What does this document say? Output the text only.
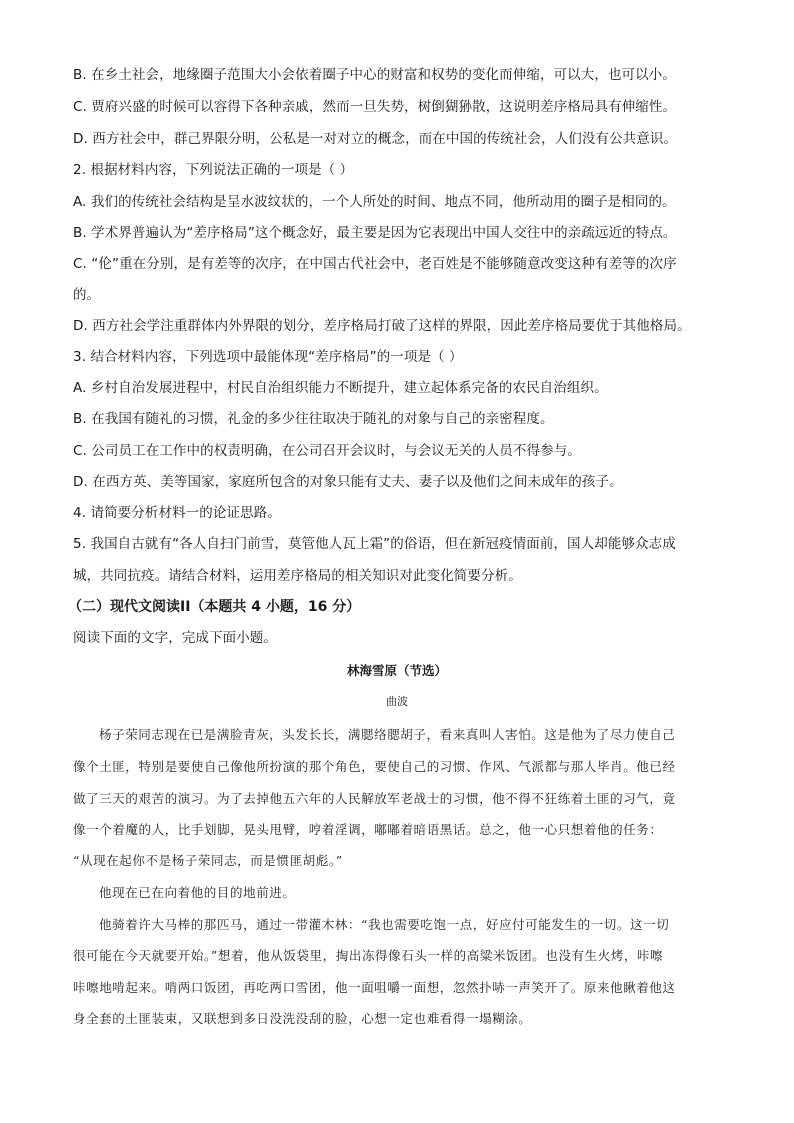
B. 在乡土社会，地缘圈子范围大小会依着圈子中心的财富和权势的变化而伸缩，可以大，也可以小。
C. 贾府兴盛的时候可以容得下各种亲戚，然而一旦失势，树倒猢狲散，这说明差序格局具有伸缩性。
D. 西方社会中，群己界限分明，公私是一对对立的概念，而在中国的传统社会，人们没有公共意识。
2. 根据材料内容，下列说法正确的一项是（ ）
A. 我们的传统社会结构是呈水波纹状的，一个人所处的时间、地点不同，他所动用的圈子是相同的。
B. 学术界普遍认为“差序格局”这个概念好，最主要是因为它表现出中国人交往中的亲疏远近的特点。
C. “伦”重在分别，是有差等的次序，在中国古代社会中，老百姓是不能够随意改变这种有差等的次序
的。
D. 西方社会学注重群体内外界限的划分，差序格局打破了这样的界限，因此差序格局要优于其他格局。
3. 结合材料内容，下列选项中最能体现“差序格局”的一项是（ ）
A. 乡村自治发展进程中，村民自治组织能力不断提升，建立起体系完备的农民自治组织。
B. 在我国有随礼的习惯，礼金的多少往往取决于随礼的对象与自己的亲密程度。
C. 公司员工在工作中的权责明确，在公司召开会议时，与会议无关的人员不得参与。
D. 在西方英、美等国家，家庭所包含的对象只能有丈夫、妻子以及他们之间未成年的孩子。
4. 请简要分析材料一的论证思路。
5. 我国自古就有“各人自扫门前雪，莫管他人瓦上霜”的俗语，但在新冠疫情面前，国人却能够众志成
城，共同抗疫。请结合材料，运用差序格局的相关知识对此变化简要分析。
（二）现代文阅读II（本题共 4 小题，16 分）
阅读下面的文字，完成下面小题。
林海雪原（节选）
曲波
杨子荣同志现在已是满脸青灰，头发长长，满腮络腮胡子，看来真叫人害怕。这是他为了尽力使自己
像个土匪，特别是要使自己像他所扮演的那个角色，要使自己的习惯、作风、气派都与那人毕肖。他已经
做了三天的艰苦的演习。为了去掉他五六年的人民解放军老战士的习惯，他不得不狂练着土匪的习气，竟
像一个着魔的人，比手划脚，晃头甩臂，哼着淫调，嘟嘟着暗语黑话。总之，他一心只想着他的任务：
“从现在起你不是杨子荣同志，而是惯匪胡彪。”
他现在已在向着他的目的地前进。
他骑着许大马棒的那匹马，通过一带灌木林：“我也需要吃饱一点，好应付可能发生的一切。这一切
很可能在今天就要开始。”想着，他从饭袋里，掏出冻得像石头一样的高粱米饭团。也没有生火烤，咔嚓
咔嚓地啃起来。啃两口饭团，再吃两口雪团，他一面咀嚼一面想，忽然扑哧一声笑开了。原来他瞅着他这
身全套的土匪装束，又联想到多日没洗没刮的脸，心想一定也难看得一塌糊涂。
